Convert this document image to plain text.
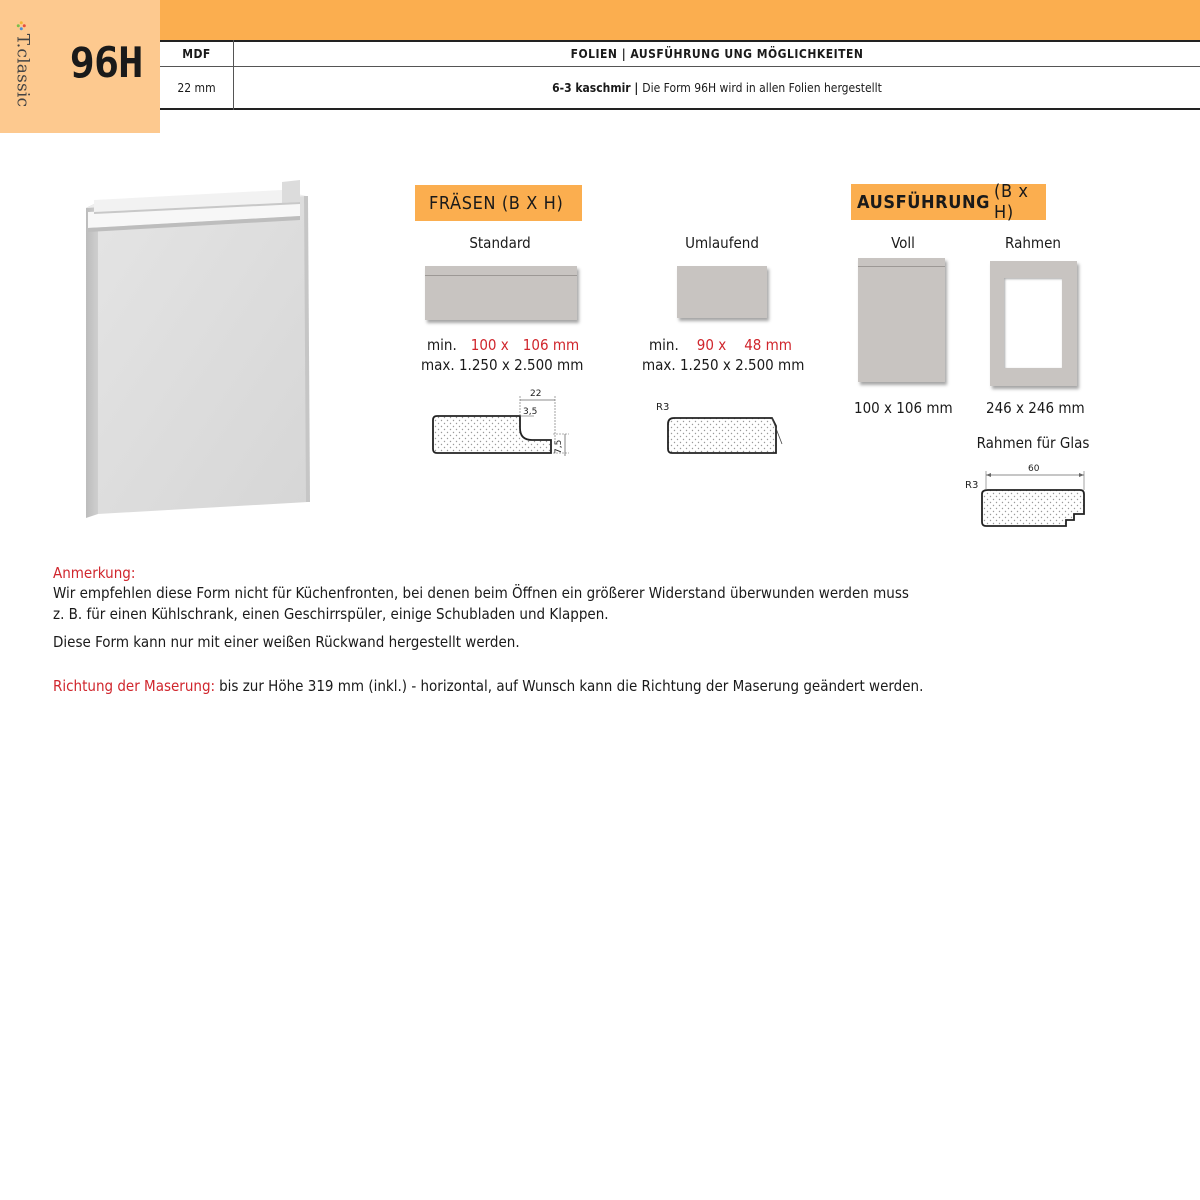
T.classic 96H	MDF	FOLIEN | AUSFÜHRUNG UNG MÖGLICHKEITEN
22 mm	6-3 kaschmir | Die Form 96H wird in allen Folien hergestellt
FRÄSEN (B X H)
Standard	Umlaufend
min. 100 x 106 mm
max. 1.250 x 2.500 mm
min. 90 x 48 mm
max. 1.250 x 2.500 mm
22
3,5
7,5
R3
AUSFÜHRUNG (B x H)
Voll	Rahmen
100 x 106 mm 246 x 246 mm
Rahmen für Glas
60
R3
Anmerkung:
Wir empfehlen diese Form nicht für Küchenfronten, bei denen beim Öffnen ein größerer Widerstand überwunden werden muss
z. B. für einen Kühlschrank, einen Geschirrspüler, einige Schubladen und Klappen.
Diese Form kann nur mit einer weißen Rückwand hergestellt werden.
Richtung der Maserung: bis zur Höhe 319 mm (inkl.) - horizontal, auf Wunsch kann die Richtung der Maserung geändert werden.
